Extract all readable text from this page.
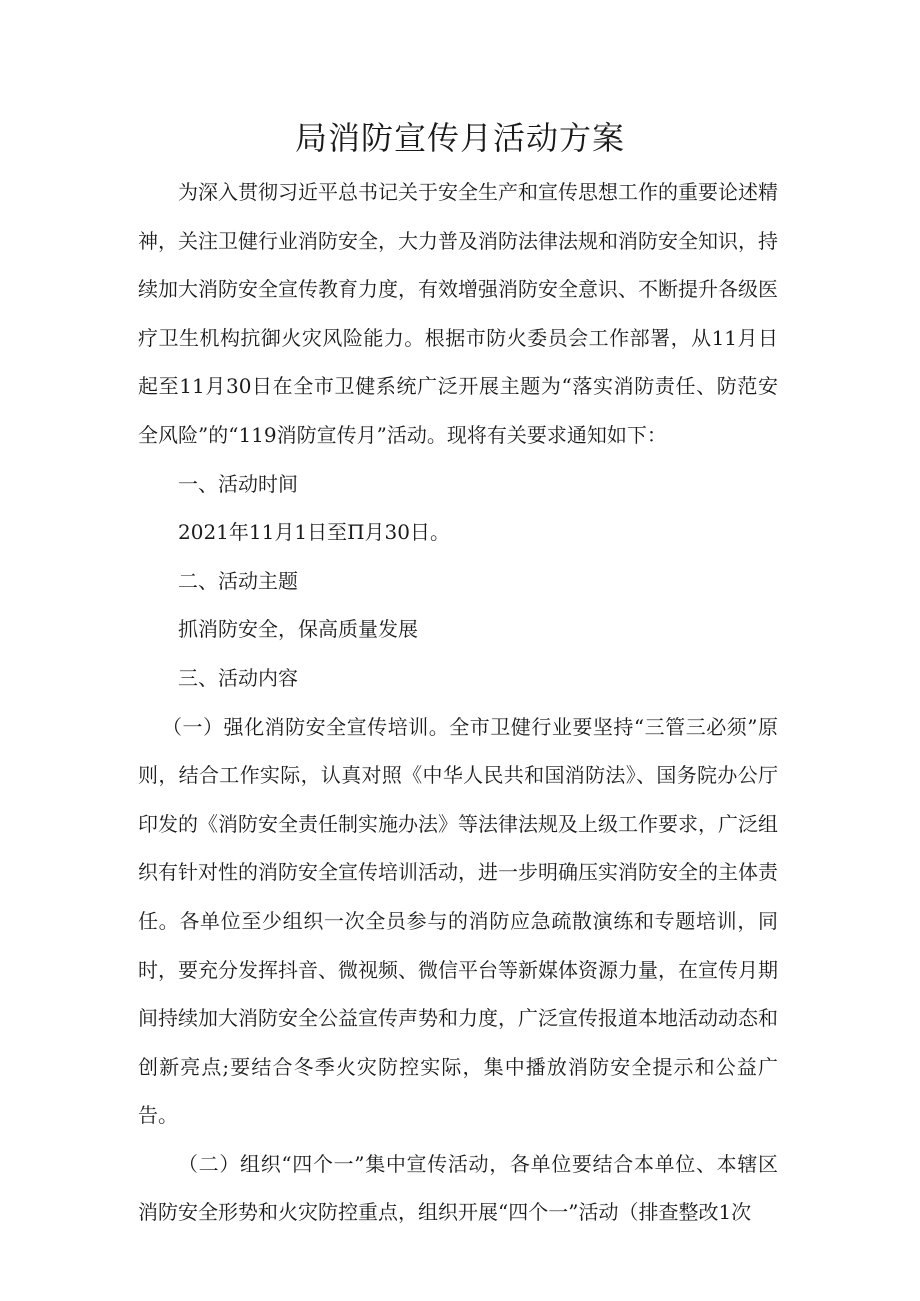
局消防宣传月活动方案

为深入贯彻习近平总书记关于安全生产和宣传思想工作的重要论述精神，关注卫健行业消防安全，大力普及消防法律法规和消防安全知识，持续加大消防安全宣传教育力度，有效增强消防安全意识、不断提升各级医疗卫生机构抗御火灾风险能力。根据市防火委员会工作部署，从11月日起至11月30日在全市卫健系统广泛开展主题为“落实消防责任、防范安全风险”的“119消防宣传月”活动。现将有关要求通知如下：

一、活动时间

2021年11月1日至П月30日。

二、活动主题

抓消防安全，保高质量发展

三、活动内容

（一）强化消防安全宣传培训。全市卫健行业要坚持“三管三必须”原则，结合工作实际，认真对照《中华人民共和国消防法》、国务院办公厅印发的《消防安全责任制实施办法》等法律法规及上级工作要求，广泛组织有针对性的消防安全宣传培训活动，进一步明确压实消防安全的主体责任。各单位至少组织一次全员参与的消防应急疏散演练和专题培训，同时，要充分发挥抖音、微视频、微信平台等新媒体资源力量，在宣传月期间持续加大消防安全公益宣传声势和力度，广泛宣传报道本地活动动态和创新亮点;要结合冬季火灾防控实际，集中播放消防安全提示和公益广告。

（二）组织“四个一”集中宣传活动，各单位要结合本单位、本辖区消防安全形势和火灾防控重点，组织开展“四个一”活动（排查整改1次
